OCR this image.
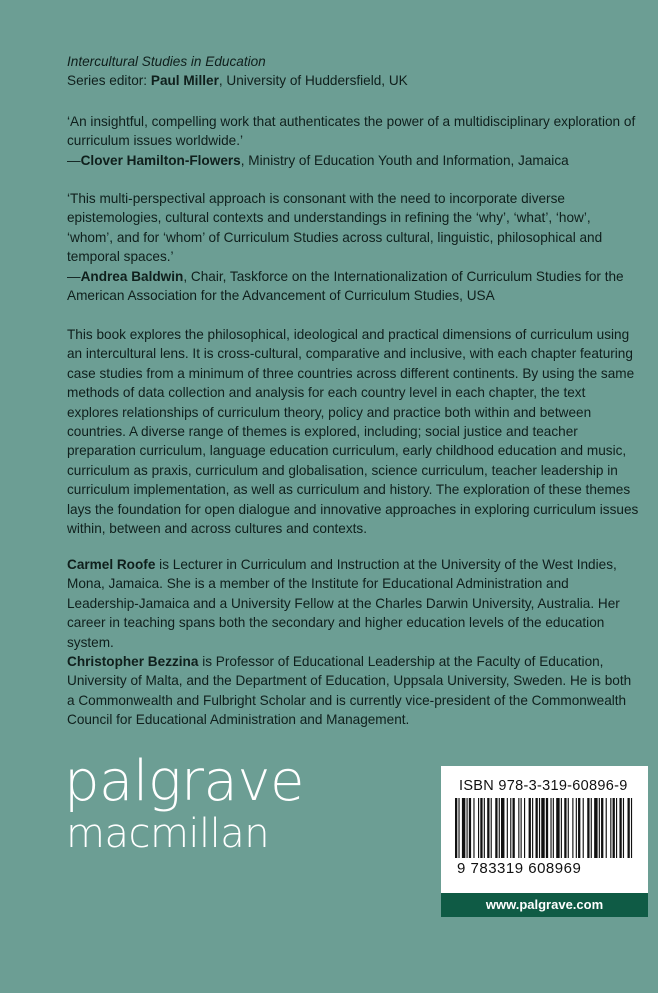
Intercultural Studies in Education
Series editor: Paul Miller, University of Huddersfield, UK
‘An insightful, compelling work that authenticates the power of a multidisciplinary exploration of curriculum issues worldwide.’
—Clover Hamilton-Flowers, Ministry of Education Youth and Information, Jamaica
‘This multi-perspectival approach is consonant with the need to incorporate diverse epistemologies, cultural contexts and understandings in refining the ‘why’, ‘what’, ‘how’, ‘whom’, and for ‘whom’ of Curriculum Studies across cultural, linguistic, philosophical and temporal spaces.’
—Andrea Baldwin, Chair, Taskforce on the Internationalization of Curriculum Studies for the American Association for the Advancement of Curriculum Studies, USA
This book explores the philosophical, ideological and practical dimensions of curriculum using an intercultural lens. It is cross-cultural, comparative and inclusive, with each chapter featuring case studies from a minimum of three countries across different continents. By using the same methods of data collection and analysis for each country level in each chapter, the text explores relationships of curriculum theory, policy and practice both within and between countries. A diverse range of themes is explored, including; social justice and teacher preparation curriculum, language education curriculum, early childhood education and music, curriculum as praxis, curriculum and globalisation, science curriculum, teacher leadership in curriculum implementation, as well as curriculum and history. The exploration of these themes lays the foundation for open dialogue and innovative approaches in exploring curriculum issues within, between and across cultures and contexts.
Carmel Roofe is Lecturer in Curriculum and Instruction at the University of the West Indies, Mona, Jamaica. She is a member of the Institute for Educational Administration and Leadership-Jamaica and a University Fellow at the Charles Darwin University, Australia. Her career in teaching spans both the secondary and higher education levels of the education system.
Christopher Bezzina is Professor of Educational Leadership at the Faculty of Education, University of Malta, and the Department of Education, Uppsala University, Sweden. He is both a Commonwealth and Fulbright Scholar and is currently vice-president of the Commonwealth Council for Educational Administration and Management.
palgrave
macmillan
ISBN 978-3-319-60896-9
9 783319 608969
www.palgrave.com
